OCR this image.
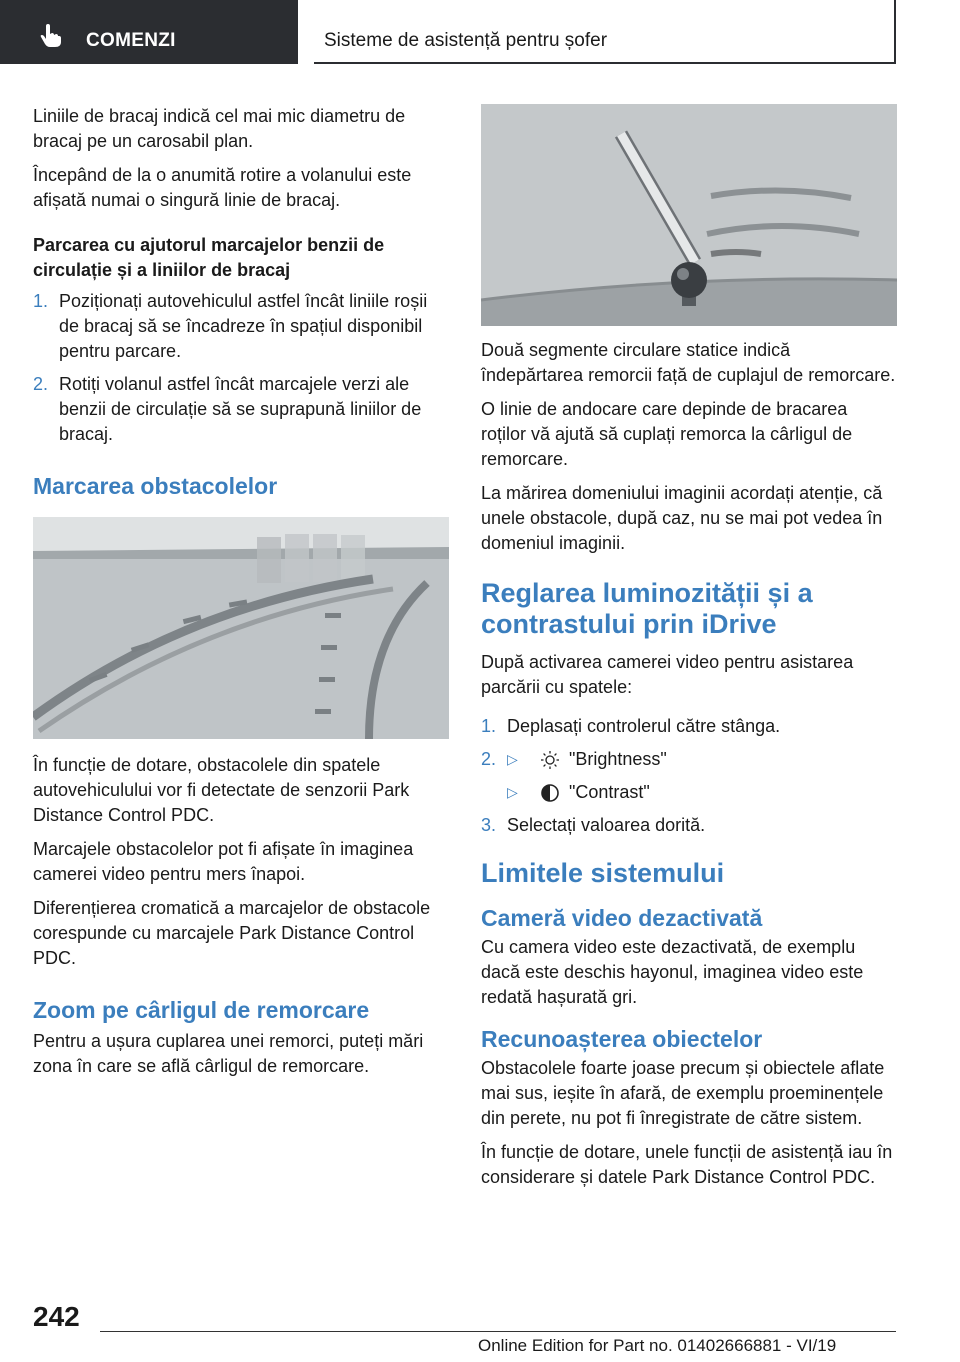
COMENZI	Sisteme de asistență pentru șofer

Liniile de bracaj indică cel mai mic diametru de bracaj pe un carosabil plan.

Începând de la o anumită rotire a volanului este afișată numai o singură linie de bracaj.

Parcarea cu ajutorul marcajelor benzii de circulație și a liniilor de bracaj
1. Poziționați autovehiculul astfel încât liniile roșii de bracaj să se încadreze în spațiul disponibil pentru parcare.
2. Rotiți volanul astfel încât marcajele verzi ale benzii de circulație să se suprapună liniilor de bracaj.
Marcarea obstacolelor

În funcție de dotare, obstacolele din spatele autovehiculului vor fi detectate de senzorii Park Distance Control PDC.

Marcajele obstacolelor pot fi afișate în imaginea camerei video pentru mers înapoi.

Diferențierea cromatică a marcajelor de obstacole corespunde cu marcajele Park Distance Control PDC.

Zoom pe cârligul de remorcare

Pentru a ușura cuplarea unei remorci, puteți mări zona în care se află cârligul de remorcare.

Două segmente circulare statice indică îndepărtarea remorcii față de cuplajul de remorcare.

O linie de andocare care depinde de bracarea roților vă ajută să cuplați remorca la cârligul de remorcare.

La mărirea domeniului imaginii acordați atenție, că unele obstacole, după caz, nu se mai pot vedea în domeniul imaginii.

Reglarea luminozității și a contrastului prin iDrive

După activarea camerei video pentru asistarea parcării cu spatele:

1. Deplasați controlerul către stânga.
2. ▷	"Brightness"
▷	"Contrast"
3. Selectați valoarea dorită.
Limitele sistemului
Cameră video dezactivată

Cu camera video este dezactivată, de exemplu dacă este deschis hayonul, imaginea video este redată hașurată gri.

Recunoașterea obiectelor

Obstacolele foarte joase precum și obiectele aflate mai sus, ieșite în afară, de exemplu proeminențele din perete, nu pot fi înregistrate de către sistem.

În funcție de dotare, unele funcții de asistență iau în considerare și datele Park Distance Control PDC.

242
Online Edition for Part no. 01402666881 - VI/19
